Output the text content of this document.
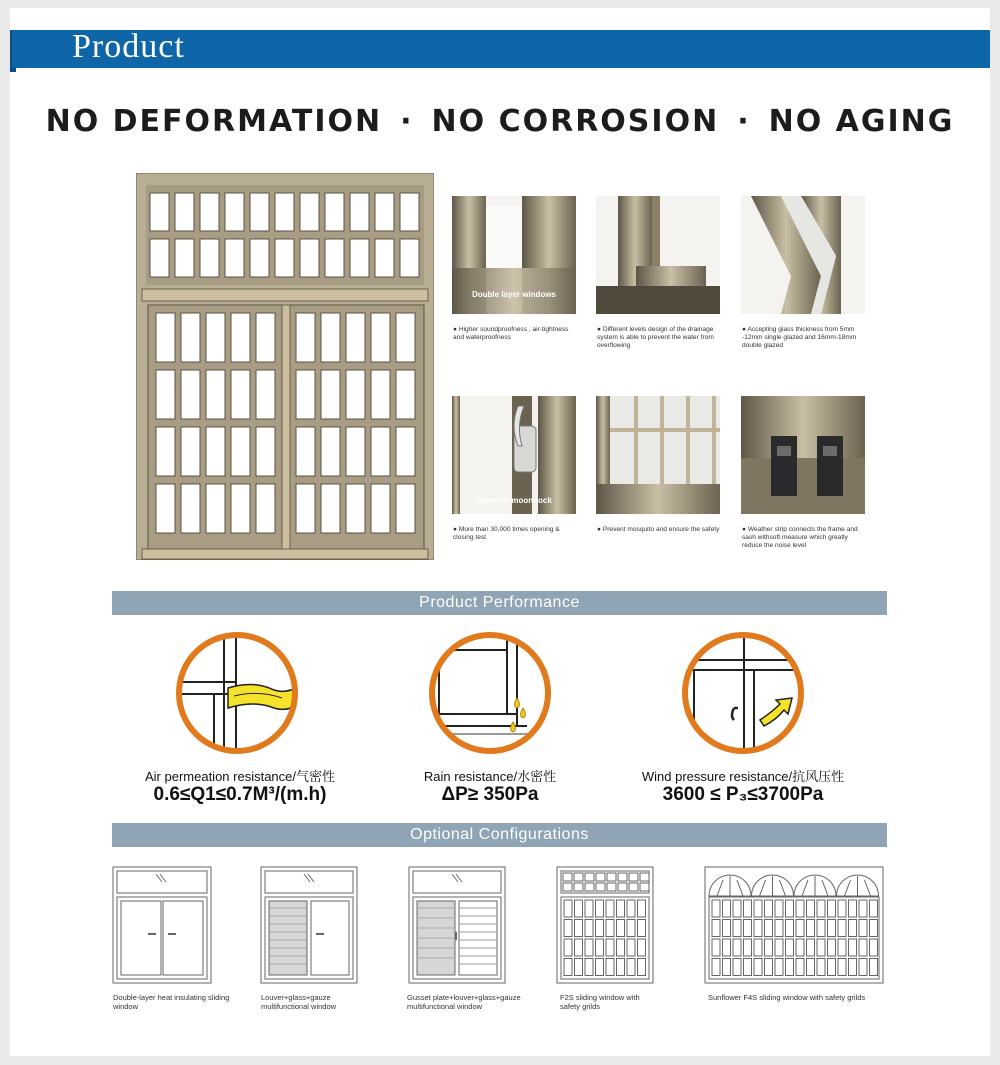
Product
NO DEFORMATION · NO CORROSION · NO AGING
Double layer windows
Superior moon-lock
● Higher soundproofness , air-tightness and waterproofness
● Different levels design of the drainage system is able to prevent the water from overflowing
● Accepting glass thickness from 5mm -12mm single glazed and 16mm-18mm double glazed
● More than 30,000 times opening & closing test
● Prevent mosquito and ensure the safety	● Weather strip connects the frame and sash withsoft measure which greatly reduce the noise level
Product Performance
Air permeation resistance/气密性
0.6≤Q1≤0.7M³/(m.h)
Rain resistance/水密性
ΔP≥ 350Pa
Wind pressure resistance/抗风压性
3600 ≤ P₃≤3700Pa
Optional Configurations
Double-layer heat insulating sliding window
Louver+glass+gauze multifunctional window
Gusset plate+louver+glass+gauze multifunctional window
F2S sliding window with safety grilds
Sunflower F4S sliding window with safety grilds
